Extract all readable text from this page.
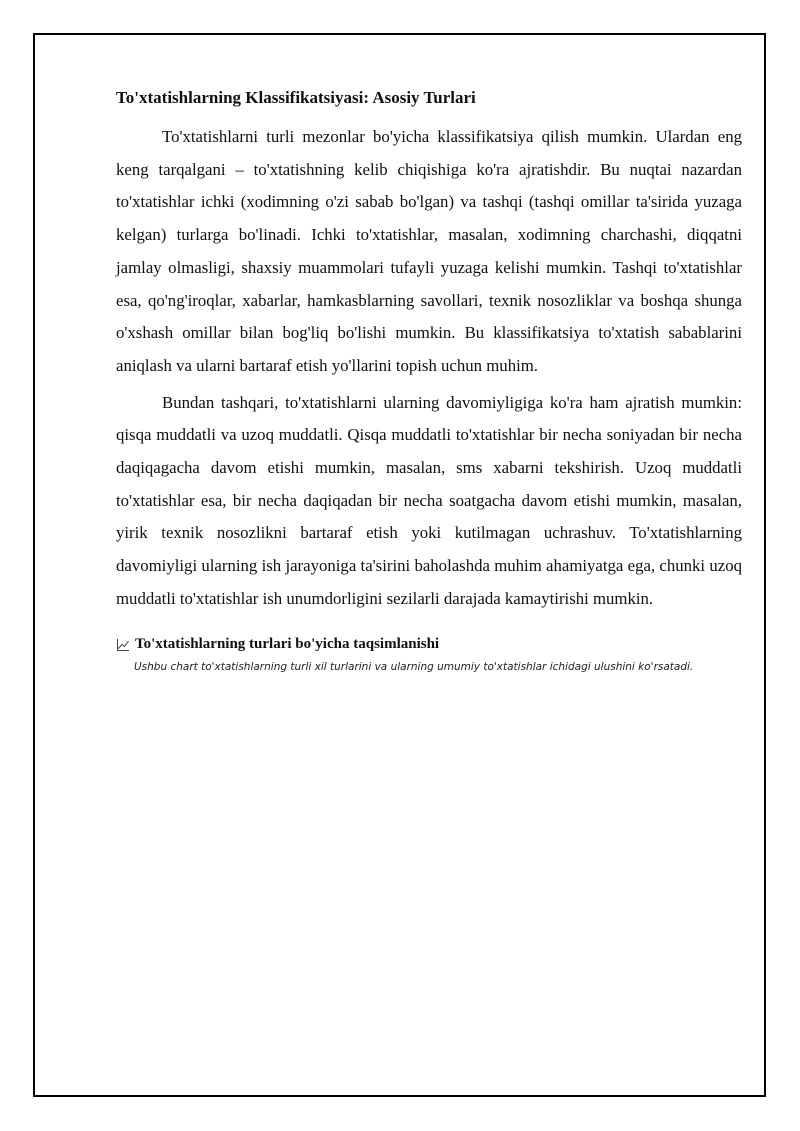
To'xtatishlarning Klassifikatsiyasi: Asosiy Turlari

To'xtatishlarni turli mezonlar bo'yicha klassifikatsiya qilish mumkin. Ulardan eng keng tarqalgani – to'xtatishning kelib chiqishiga ko'ra ajratishdir. Bu nuqtai nazardan to'xtatishlar ichki (xodimning o'zi sabab bo'lgan) va tashqi (tashqi omillar ta'sirida yuzaga kelgan) turlarga bo'linadi. Ichki to'xtatishlar, masalan, xodimning charchashi, diqqatni jamlay olmasligi, shaxsiy muammolari tufayli yuzaga kelishi mumkin. Tashqi to'xtatishlar esa, qo'ng'iroqlar, xabarlar, hamkasblarning savollari, texnik nosozliklar va boshqa shunga o'xshash omillar bilan bog'liq bo'lishi mumkin. Bu klassifikatsiya to'xtatish sabablarini aniqlash va ularni bartaraf etish yo'llarini topish uchun muhim.

Bundan tashqari, to'xtatishlarni ularning davomiyligiga ko'ra ham ajratish mumkin: qisqa muddatli va uzoq muddatli. Qisqa muddatli to'xtatishlar bir necha soniyadan bir necha daqiqagacha davom etishi mumkin, masalan, sms xabarni tekshirish. Uzoq muddatli to'xtatishlar esa, bir necha daqiqadan bir necha soatgacha davom etishi mumkin, masalan, yirik texnik nosozlikni bartaraf etish yoki kutilmagan uchrashuv. To'xtatishlarning davomiyligi ularning ish jarayoniga ta'sirini baholashda muhim ahamiyatga ega, chunki uzoq muddatli to'xtatishlar ish unumdorligini sezilarli darajada kamaytirishi mumkin.

To'xtatishlarning turlari bo'yicha taqsimlanishi
Ushbu chart to'xtatishlarning turli xil turlarini va ularning umumiy to'xtatishlar ichidagi ulushini ko'rsatadi.
